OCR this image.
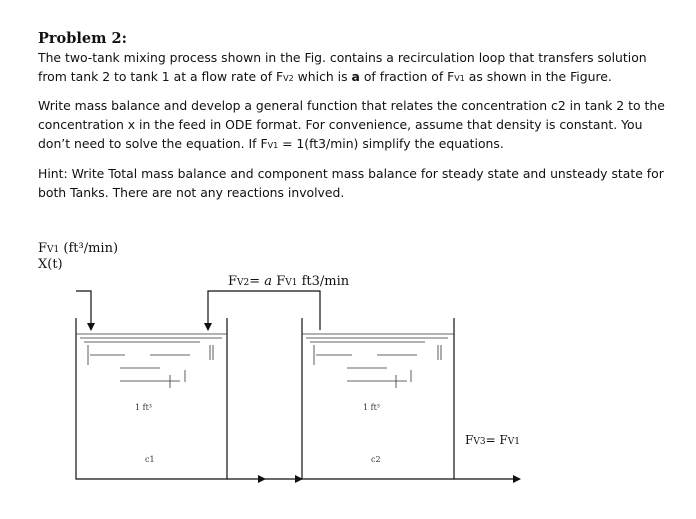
Problem 2:
The two-tank mixing process shown in the Fig. contains a recirculation loop that transfers solution from tank 2 to tank 1 at a flow rate of FV2 which is a of fraction of FV1 as shown in the Figure.
Write mass balance and develop a general function that relates the concentration c2 in tank 2 to the concentration x in the feed in ODE format. For convenience, assume that density is constant. You don’t need to solve the equation. If FV1 = 1(ft3/min) simplify the equations.
Hint: Write Total mass balance and component mass balance for steady state and unsteady state for both Tanks. There are not any reactions involved.
FV1 (ft³/min)
X(t)
FV2= a FV1 ft3/min
FV3= FV1
1 ft³
c1
1 ft³
c2
